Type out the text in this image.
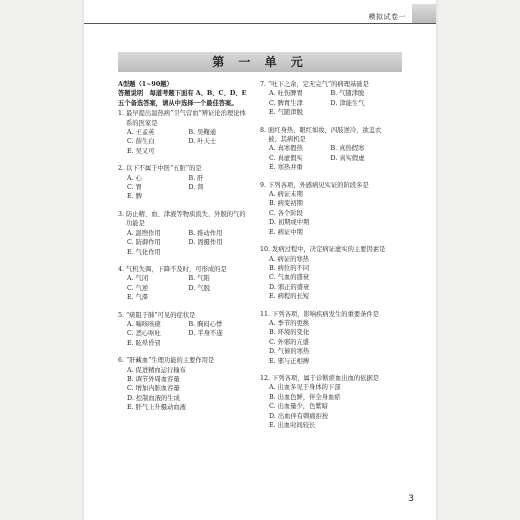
模拟试卷一
第 一 单 元
A型题（1~90题）
答题说明　每道考题下面有 A、B、C、D、E 五个备选答案，请从中选择一个最佳答案。
1. 最早提出温热病“卫气营血”辨证论治理论体系的医家是
A. 王孟英	B. 吴鞠通
C. 薛生白	D. 叶天士
E. 吴又可
2. 以下不属于中医“五脏”的是
A. 心	B. 肝
C. 胃	D. 肾
E. 脾
3. 防止精、血、津液等物质流失、外脱的气的功能是
A. 温煦作用	B. 推动作用
C. 防御作用	D. 固摄作用
E. 气化作用
4. 气机失调，下降不及时，可形成的是
A. 气闭	B. 气陷
C. 气逆	D. 气脱
E. 气滞
5. “痰阻于肺”可见的症状是
A. 喘咳咳痰	B. 胸闷心悸
C. 恶心呕吐	D. 半身不遂
E. 眩晕昏冒
6. “肝藏血”生理功能的主要作用是
A. 促进精血运行输布
B. 调节外周血容量
C. 增加内脏血容量
D. 控制血液的生成
E. 肝气上升摄动血液
7. “吐下之余，定无完气”的病理基础是
A. 吐伤脾胃	B. 气随津脱
C. 脾胃生津	D. 津能生气
E. 气随津脱
8. 面红身热，眼红如妆，四肢逆冷，欲盖衣被，其病机是
A. 真寒假热	B. 真热假寒
C. 真虚假实	D. 真实假虚
E. 寒热并重
9. 下列各项，外感病见实证的阶段多是
A. 病证末期
B. 病变初期
C. 各个阶段
D. 初期或中期
E. 病证中期
10. 发病过程中，决定病证虚实的主要因素是
A. 病证的寒热
B. 病位的不同
C. 气血的盛衰
D. 邪正的盛衰
E. 病程的长短
11. 下列各项，影响疾病发生的重要条件是
A. 季节的更换
B. 环境的变化
C. 外邪的亢盛
D. 气候的寒热
E. 邪与正相搏
12. 下列各项，属于诊断瘀血出血的依据是
A. 出血多见于身体的下部
B. 出血色鲜，伴全身血瘀
C. 出血量少，色紫暗
D. 出血伴有刺痛拒按
E. 出血时间较长
3
